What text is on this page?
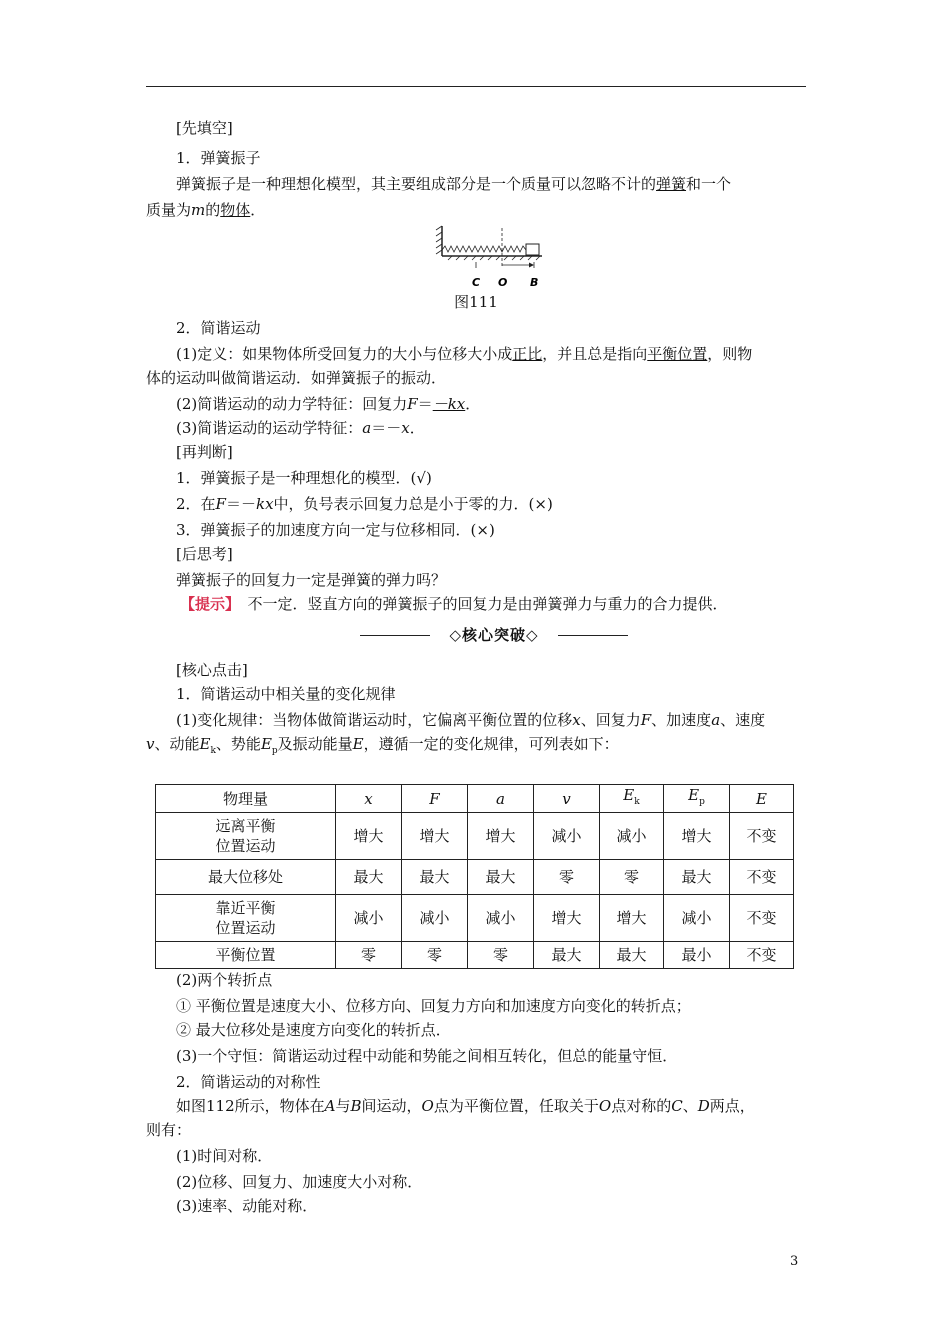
[先填空]
1．弹簧振子
弹簧振子是一种理想化模型，其主要组成部分是一个质量可以忽略不计的弹簧和一个
质量为m的物体．
C O B
图111
2．简谐运动
(1)定义：如果物体所受回复力的大小与位移大小成正比，并且总是指向平衡位置，则物
体的运动叫做简谐运动．如弹簧振子的振动．
(2)简谐运动的动力学特征：回复力F＝－kx．
(3)简谐运动的运动学特征：a＝－x．
[再判断]
1．弹簧振子是一种理想化的模型．(√)
2．在F＝－kx中，负号表示回复力总是小于零的力．(×)
3．弹簧振子的加速度方向一定与位移相同．(×)
[后思考]
弹簧振子的回复力一定是弹簧的弹力吗？
【提示】　不一定．竖直方向的弹簧振子的回复力是由弹簧弹力与重力的合力提供．
◇核心突破◇
[核心点击]
1．简谐运动中相关量的变化规律
(1)变化规律：当物体做简谐运动时，它偏离平衡位置的位移x、回复力F、加速度a、速度
v、动能$E_k$、势能$E_p$及振动能量E，遵循一定的变化规律，可列表如下：
物理量	x	F	a	v	$E_k$	$E_p$	E

远离平衡
位置运动	增大	增大	增大	减小	减小	增大	不变
最大位移处	最大	最大	最大	零	零	最大	不变

靠近平衡
位置运动	减小	减小	减小	增大	增大	减小	不变
平衡位置	零	零	零	最大	最大	最小	不变
(2)两个转折点
① 平衡位置是速度大小、位移方向、回复力方向和加速度方向变化的转折点；
② 最大位移处是速度方向变化的转折点．
(3)一个守恒：简谐运动过程中动能和势能之间相互转化，但总的能量守恒．
2．简谐运动的对称性
如图112所示，物体在A与B间运动，O点为平衡位置，任取关于O点对称的C、D两点，
则有：
(1)时间对称．
(2)位移、回复力、加速度大小对称．
(3)速率、动能对称．
3
